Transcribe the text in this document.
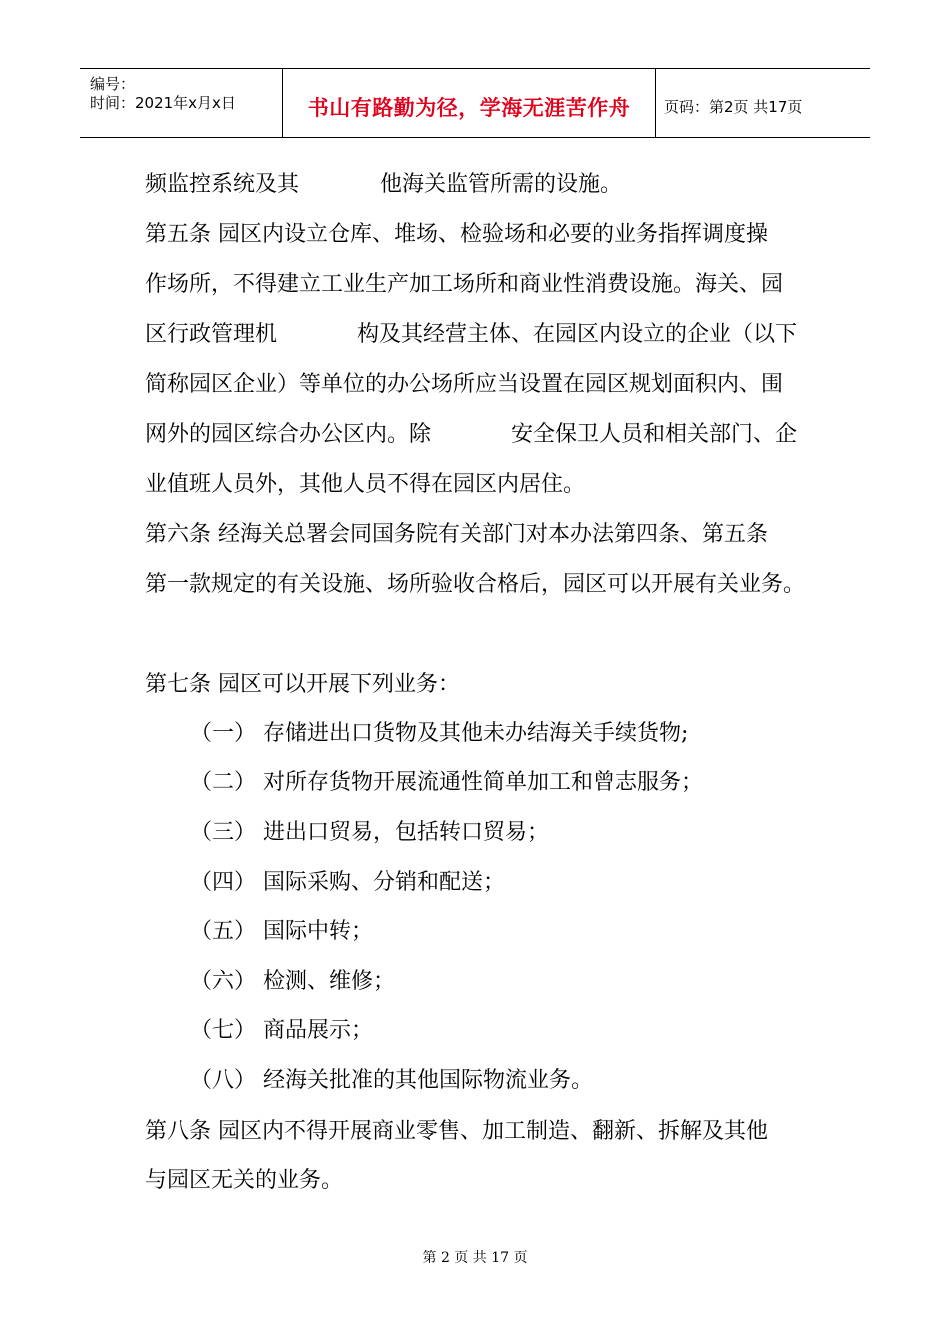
编号：
时间：2021年x月x日	书山有路勤为径，学海无涯苦作舟	页码：第2页 共17页
频监控系统及其	他海关监管所需的设施。
第五条 园区内设立仓库、堆场、检验场和必要的业务指挥调度操
作场所，不得建立工业生产加工场所和商业性消费设施。海关、园
区行政管理机	构及其经营主体、在园区内设立的企业（以下
简称园区企业）等单位的办公场所应当设置在园区规划面积内、围
网外的园区综合办公区内。除	安全保卫人员和相关部门、企
业值班人员外，其他人员不得在园区内居住。
第六条 经海关总署会同国务院有关部门对本办法第四条、第五条
第一款规定的有关设施、场所验收合格后，园区可以开展有关业务。
第七条 园区可以开展下列业务：
（一） 存储进出口货物及其他未办结海关手续货物;
（二） 对所存货物开展流通性简单加工和曾志服务；
（三） 进出口贸易，包括转口贸易；
（四） 国际采购、分销和配送；
（五） 国际中转；
（六） 检测、维修；
（七） 商品展示；
（八） 经海关批准的其他国际物流业务。
第八条 园区内不得开展商业零售、加工制造、翻新、拆解及其他
与园区无关的业务。
第 2 页 共 17 页
